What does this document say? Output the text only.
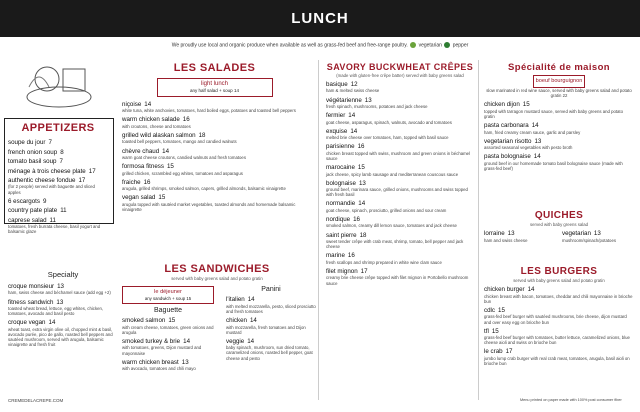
LUNCH
We proudly use local and organic produce when available as well as grass-fed beef and free-range poultry. vegetarian pepper
APPETIZERS
soupe du jour 7
french onion soup 8
tomato basil soup 7
ménage à trois cheese plate 17
authentic cheese fondue 17
(for 2 people) served with baguette and sliced apples
6 escargots 9
country pate plate 11
caprese salad 11
tomatoes, fresh burrata cheese, basil yogurt and balsamic glaze
Specialty
croque monsieur 13
ham, swiss cheese and béchamel sauce (add egg +2)
fitness sandwich 13
toasted wheat bread, lettuce, egg whites, chicken, tomatoes, avocado and basil pesto
croque vegan 14
wheat toast, extra virgin olive oil, chopped mint & basil, avocado purée, pico de gallo, roasted bell peppers and sautéed mushroom, served with arugula, balsamic vinaigrette and fresh fruit
CREMEDELACREPE.COM
LES SALADES
light lunch
any half salad + soup 14
niçoise 14
white tuna, white anchovies, tomatoes, hard boiled eggs, potatoes and toasted bell peppers
warm chicken salade 16
with croutons, cheese and tomatoes
grilled wild alaskan salmon 18
toasted bell peppers, tomatoes, mango and candied walnuts
chèvre chaud 14
warm goat cheese croutons, candied walnuts and fresh tomatoes
formosa fitness 15
grilled chicken, scrambled egg whites, tomatoes and asparagus
fraiche 16
arugula, grilled shrimps, smoked salmon, capers, grilled almonds, balsamic vinaigrette
vegan salad 15
arugula topped with sautéed market vegetables, toasted almonds and homemade balsamic vinaigrette
LES SANDWICHES
served with baby greens salad and potato gratin
le déjeuner
any sandwich + soup 15
Baguette
smoked salmon 15
with cream cheese, tomatoes, green onions and arugula
smoked turkey & brie 14
with tomatoes, greens, Dijon mustard and mayonnaise
warm chicken breast 13
with avocado, tomatoes and chili mayo
Panini
l'italien 14
with melted mozzarella, pesto, sliced prosciutto and fresh tomatoes
chicken 14
with mozzarella, fresh tomatoes and Dijon mustard
veggie 14
baby spinach, mushroom, sun dried tomato, caramelized onions, roasted bell pepper, goat cheese and pesto
SAVORY BUCKWHEAT CRÊPES
(made with gluten-free crêpe batter) served with baby greens salad
basique 12
ham & melted swiss cheese
végétarienne 13
fresh spinach, mushrooms, potatoes and jack cheese
fermier 14
goat cheese, asparagus, spinach, walnuts, avocado and tomatoes
exquise 14
melted brie cheese over tomatoes, ham, topped with basil sauce
parisienne 16
chicken breast topped with swiss, mushroom and green onions in béchamel sauce
marocaine 15
jack cheese, spicy lamb sausage and mediterranean couscous sauce
bolognaise 13
ground beef, marinara sauce, grilled onions, mushrooms and swiss topped with fresh basil
normandie 14
goat cheese, spinach, prosciutto, grilled onions and sour cream
nordique 16
smoked salmon, creamy dill lemon sauce, tomatoes and jack cheese
saint pierre 18
sweet tender crêpe with crab meat, shrimp, tomato, bell pepper and jack cheese
marine 16
fresh scallops and shrimp prepared in white wine clam sauce
filet mignon 17
creamy brie cheese crêpe topped with filet mignon in Portobello mushroom sauce
Spécialité de maison
boeuf bourguignon
slow marinated in red wine sauce, served with baby greens salad and potato gratin 22
chicken dijon 15
topped with tarragon mustard sauce, served with baby greens and potato gratin
pasta carbonara 14
ham, fried creamy cream sauce, garlic and parsley
vegetarian risotto 13
assorted seasonal vegetables with pesto broth
pasta bolognaise 14
ground beef in our homemade tomato basil bolognaise sauce (made with grass-fed beef)
QUICHES
served with baby greens salad
lorraine 13
ham and swiss cheese
vegetarian 13
mushroom/spinach/potatoes
LES BURGERS
served with baby greens salad and potato gratin
chicken burger 14
chicken breast with bacon, tomatoes, cheddar and chili mayonnaise in brioche bun
cdlc 15
grass-fed beef burger with sautéed mushrooms, brie cheese, dijon mustard and over easy egg on brioche bun
tfl 15
grass-fed beef burger with tomatoes, butter lettuce, caramelized onions, blue cheese aioli and swiss on brioche bun
le crab 17
jumbo lump crab burger with real crab meat, tomatoes, arugula, basil aioli on brioche bun
Menu printed on paper made with 100% post consumer fiber
